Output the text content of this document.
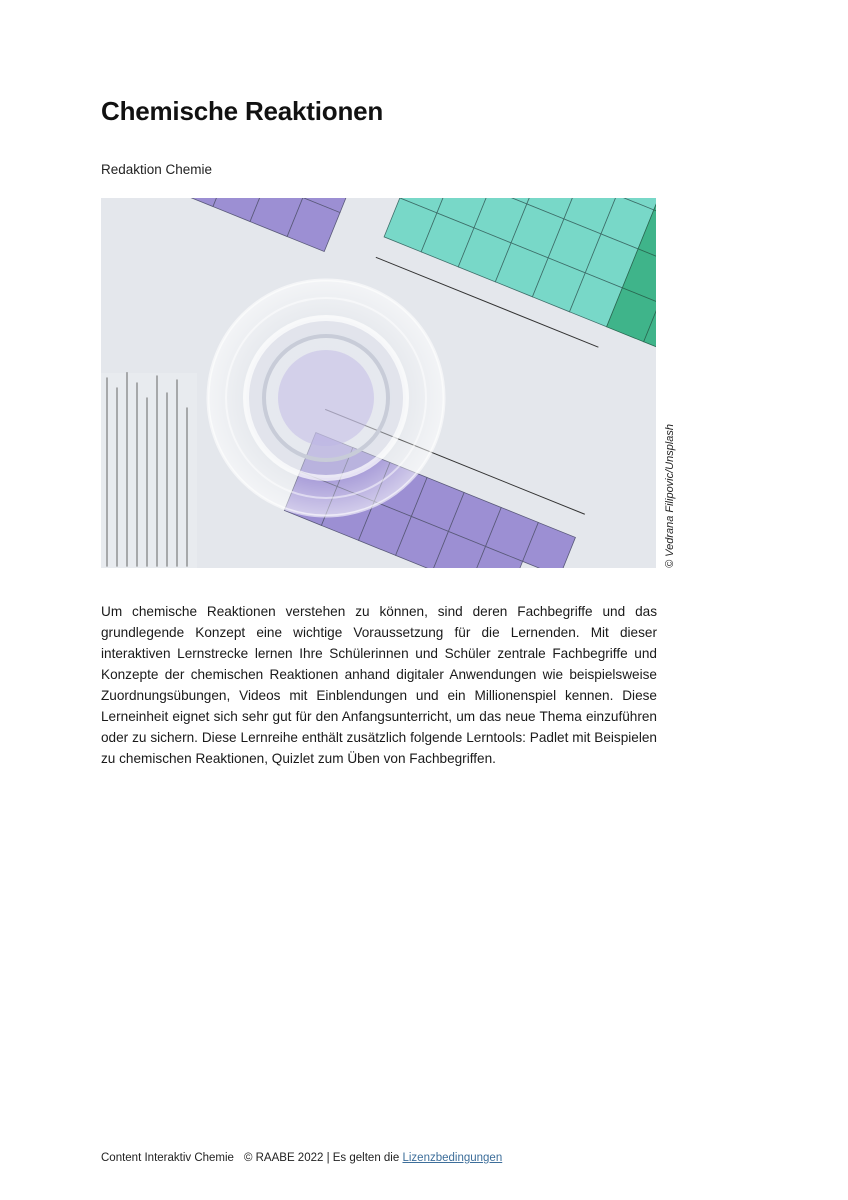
Chemische Reaktionen
Redaktion Chemie
© Vedrana Filipovic/Unsplash

Um chemische Reaktionen verstehen zu können, sind deren Fachbegriffe und das grundlegende Konzept eine wichtige Voraussetzung für die Lernenden. Mit dieser interaktiven Lernstrecke lernen Ihre Schülerinnen und Schüler zentrale Fachbegriffe und Konzepte der chemischen Reaktionen anhand digitaler Anwendungen wie beispielsweise Zuordnungsübungen, Videos mit Einblendungen und ein Millionenspiel kennen. Diese Lerneinheit eignet sich sehr gut für den Anfangsunterricht, um das neue Thema einzuführen oder zu sichern. Diese Lernreihe enthält zusätzlich folgende Lerntools: Padlet mit Beispielen zu chemischen Reaktionen, Quizlet zum Üben von Fachbegriffen.

Content Interaktiv Chemie © RAABE 2022 | Es gelten die Lizenzbedingungen
